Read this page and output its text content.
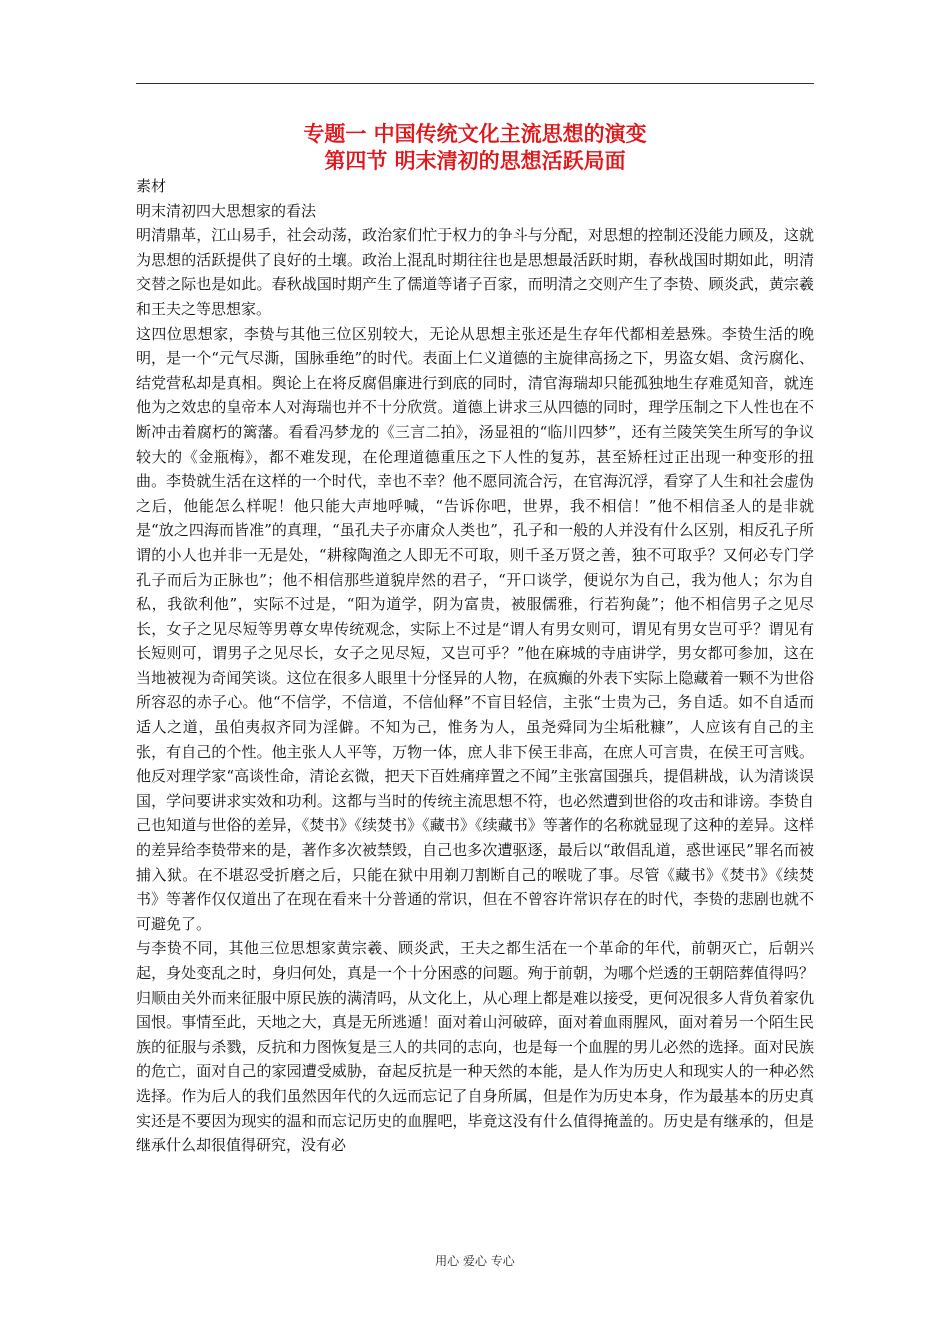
专题一 中国传统文化主流思想的演变

第四节 明末清初的思想活跃局面

素材

明末清初四大思想家的看法

明清鼎革，江山易手，社会动荡，政治家们忙于权力的争斗与分配，对思想的控制还没能力顾及，这就为思想的活跃提供了良好的土壤。政治上混乱时期往往也是思想最活跃时期，春秋战国时期如此，明清交替之际也是如此。春秋战国时期产生了儒道等诸子百家，而明清之交则产生了李贽、顾炎武，黄宗羲和王夫之等思想家。

这四位思想家，李贽与其他三位区别较大，无论从思想主张还是生存年代都相差悬殊。李贽生活的晚明，是一个“元气尽澌，国脉垂绝”的时代。表面上仁义道德的主旋律高扬之下，男盗女娼、贪污腐化、结党营私却是真相。舆论上在将反腐倡廉进行到底的同时，清官海瑞却只能孤独地生存难觅知音，就连他为之效忠的皇帝本人对海瑞也并不十分欣赏。道德上讲求三从四德的同时，理学压制之下人性也在不断冲击着腐朽的篱藩。看看冯梦龙的《三言二拍》，汤显祖的“临川四梦”，还有兰陵笑笑生所写的争议较大的《金瓶梅》，都不难发现，在伦理道德重压之下人性的复苏，甚至矫枉过正出现一种变形的扭曲。李贽就生活在这样的一个时代，幸也不幸？他不愿同流合污，在官海沉浮，看穿了人生和社会虚伪之后，他能怎么样呢！他只能大声地呼喊，“告诉你吧，世界，我不相信！”他不相信圣人的是非就是“放之四海而皆准”的真理，“虽孔夫子亦庸众人类也”，孔子和一般的人并没有什么区别，相反孔子所谓的小人也并非一无是处，“耕稼陶渔之人即无不可取，则千圣万贤之善，独不可取乎？又何必专门学孔子而后为正脉也”；他不相信那些道貌岸然的君子，“开口谈学，便说尔为自己，我为他人；尔为自私，我欲利他”，实际不过是，“阳为道学，阴为富贵，被服儒雅，行若狗彘”；他不相信男子之见尽长，女子之见尽短等男尊女卑传统观念，实际上不过是“谓人有男女则可，谓见有男女岂可乎？谓见有长短则可，谓男子之见尽长，女子之见尽短，又岂可乎？”他在麻城的寺庙讲学，男女都可参加，这在当地被视为奇闻笑谈。这位在很多人眼里十分怪异的人物，在疯癫的外表下实际上隐藏着一颗不为世俗所容忍的赤子心。他“不信学，不信道，不信仙释”不盲目轻信，主张“士贵为己，务自适。如不自适而适人之道，虽伯夷叔齐同为淫僻。不知为己，惟务为人，虽尧舜同为尘垢秕糠”，人应该有自己的主张，有自己的个性。他主张人人平等，万物一体，庶人非下侯王非高，在庶人可言贵，在侯王可言贱。他反对理学家“高谈性命，清论玄微，把天下百姓痛痒置之不闻”主张富国强兵，提倡耕战，认为清谈误国，学问要讲求实效和功利。这都与当时的传统主流思想不符，也必然遭到世俗的攻击和诽谤。李贽自己也知道与世俗的差异，《焚书》《续焚书》《藏书》《续藏书》等著作的名称就显现了这种的差异。这样的差异给李贽带来的是，著作多次被禁毁，自己也多次遭驱逐，最后以“敢倡乱道，惑世诬民”罪名而被捕入狱。在不堪忍受折磨之后，只能在狱中用剃刀割断自己的喉咙了事。尽管《藏书》《焚书》《续焚书》等著作仅仅道出了在现在看来十分普通的常识，但在不曾容许常识存在的时代，李贽的悲剧也就不可避免了。

与李贽不同，其他三位思想家黄宗羲、顾炎武，王夫之都生活在一个革命的年代，前朝灭亡，后朝兴起，身处变乱之时，身归何处，真是一个十分困惑的问题。殉于前朝，为哪个烂透的王朝陪葬值得吗？归顺由关外而来征服中原民族的满清吗，从文化上，从心理上都是难以接受，更何况很多人背负着家仇国恨。事情至此，天地之大，真是无所逃遁！面对着山河破碎，面对着血雨腥风，面对着另一个陌生民族的征服与杀戮，反抗和力图恢复是三人的共同的志向，也是每一个血腥的男儿必然的选择。面对民族的危亡，面对自己的家园遭受威胁，奋起反抗是一种天然的本能，是人作为历史人和现实人的一种必然选择。作为后人的我们虽然因年代的久远而忘记了自身所属，但是作为历史本身，作为最基本的历史真实还是不要因为现实的温和而忘记历史的血腥吧，毕竟这没有什么值得掩盖的。历史是有继承的，但是继承什么却很值得研究，没有必

用心 爱心 专心
